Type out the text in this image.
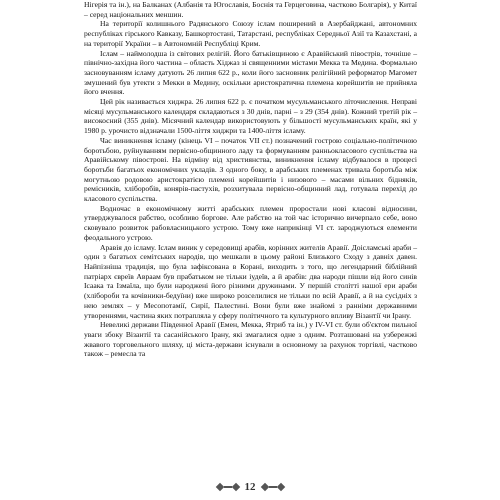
Нігерія та ін.), на Балканах (Албанія та Югославія, Боснія та Герцеговина, частково Болгарія), у Китаї – серед національних меншин.

На території колишнього Радянського Союзу іслам поширений в Азербайджані, автономних республіках гірського Кавказу, Башкортостані, Татарстані, республіках Середньої Азії та Казахстані, а на території України – в Автономній Республіці Крим.

Іслам – наймолодша із світових релігій. Його батьківщиною є Аравійський півострів, точніше – північно-західна його частина – область Хіджаз зі священними містами Мекка та Медина. Формально засновуванням ісламу датують 26 липня 622 р., коли його засновник релігійний реформатор Магомет змушений був утекти з Мекки в Медину, оскільки аристократична племена корейшитів не прийняла його вчення.

Цей рік називається хиджра. 26 липня 622 р. є початком мусульманського літочислення. Неправі місяці мусульманського календаря складаються з 30 днів, парні – з 29 (354 днів). Кожний третій рік – високосний (355 днів). Місячний календар використовують у більшості мусульманських країн, які у 1980 р. урочисто відзначали 1500-ліття хиджри та 1400-ліття ісламу.

Час виникнення ісламу (кінець VI – початок VII ст.) позначений гострою соціально-політичною боротьбою, руйнуванням первісно-общинного ладу та формуванням ранньокласового суспільства на Аравійському півострові. На відміну від християнства, виникнення ісламу відбувалося в процесі боротьби багатьох економічних укладів. З одного боку, в арабських племенах тривала боротьба між могутньою родовою аристократією племені корейшитів і низового – масами вільних бідняків, ремісників, хліборобів, конярів-пастухів, розхитувала первісно-общинний лад, готувала перехід до класового суспільства.

Водночас в економічному житті арабських племен проростали нові класові відносини, утверджувалося рабство, особливо боргове. Але рабство на той час історично вичерпало себе, воно сковувало розвиток рабовласницького устрою. Тому вже наприкінці VI ст. зароджуються елементи феодального устрою.

Аравія до ісламу. Іслам виник у середовищі арабів, корінних жителів Аравії. Доісламські араби – один з багатьох семітських народів, що мешкали в цьому районі Близького Сходу з давніх давен. Найпізніша традиція, що була зафіксована в Корані, виходить з того, що легендарний біблійний патріарх євреїв Авраам був прабатьком не тільки іудеїв, а й арабів: два народи пішли від його синів Ісаака та Ізмаїла, що були народжені його різними дружинами. У першій столітті нашої ери араби (хлібороби та кочівники-бедуїни) вже широко розселилися не тільки по всій Аравії, а й на сусідніх з нею землях – у Месопотамії, Сирії, Палестині. Вони були вже знайомі з ранніми державними утвореннями, частина яких потрапляла у сферу політичного та культурного впливу Візантії чи Ірану.

Невеликі держави Південної Аравії (Емен, Мекка, Ятриб та ін.) у IV-VI ст. були об'єктом пильної уваги збоку Візантії та сасанійського Ірану, які змагалися одне з одним. Розташовані на узбережжі жвавого торговельного шляху, ці міста-держави існували в основному за рахунок торгівлі, частково також – ремесла та

12
